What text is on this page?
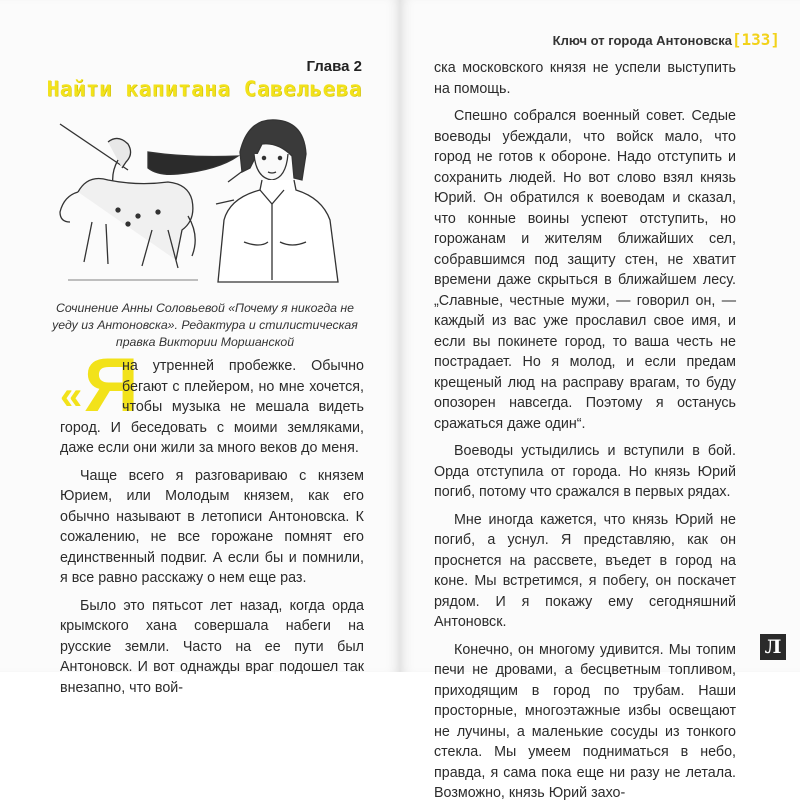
Глава 2
Найти капитана Савельева

Сочинение Анны Соловьевой «Почему я никогда не уеду из Антоновска». Редактура и стилистическая правка Виктории Моршанской

« Я

на утренней пробежке. Обычно бегают с плейером, но мне хочется, чтобы музыка не мешала видеть город. И беседовать с моими земляками, даже если они жили за много веков до меня.

Чаще всего я разговариваю с князем Юрием, или Молодым князем, как его обычно называют в летописи Антоновска. К сожалению, не все горожане помнят его единственный подвиг. А если бы и помнили, я все равно расскажу о нем еще раз.

Было это пятьсот лет назад, когда орда крымского хана совершала набеги на русские земли. Часто на ее пути был Антоновск. И вот однажды враг подошел так внезапно, что вой-

Ключ от города Антоновска [133]

ска московского князя не успели выступить на помощь.

Спешно собрался военный совет. Седые воеводы убеждали, что войск мало, что город не готов к обороне. Надо отступить и сохранить людей. Но вот слово взял князь Юрий. Он обратился к воеводам и сказал, что конные воины успеют отступить, но горожанам и жителям ближайших сел, собравшимся под защиту стен, не хватит времени даже скрыться в ближайшем лесу. „Славные, честные мужи, — говорил он, — каждый из вас уже прославил свое имя, и если вы покинете город, то ваша честь не пострадает. Но я молод, и если предам крещеный люд на расправу врагам, то буду опозорен навсегда. Поэтому я останусь сражаться даже один“.

Воеводы устыдились и вступили в бой. Орда отступила от города. Но князь Юрий погиб, потому что сражался в первых рядах.

Мне иногда кажется, что князь Юрий не погиб, а уснул. Я представляю, как он проснется на рассвете, въедет в город на коне. Мы встретимся, я побегу, он поскачет рядом. И я покажу ему сегодняшний Антоновск.

Конечно, он многому удивится. Мы топим печи не дровами, а бесцветным топливом, приходящим в город по трубам. Наши просторные, многоэтажные избы освещают не лучины, а маленькие сосуды из тонкого стекла. Мы умеем подниматься в небо, правда, я сама пока еще ни разу не летала. Возможно, князь Юрий захо-

Л
